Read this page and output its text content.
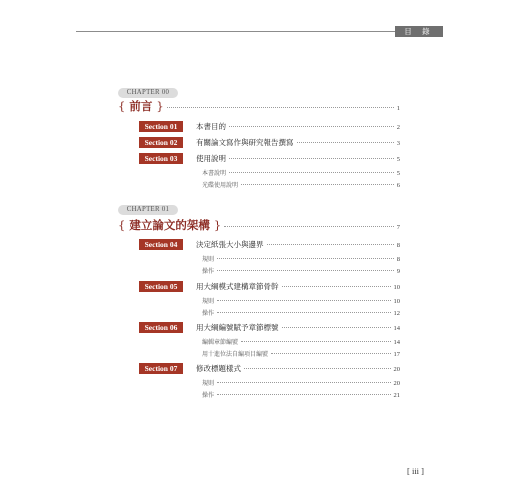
目 錄
CHAPTER 00
{ 前言 }	1
Section 01	本書目的	2
Section 02	有關論文寫作與研究報告撰寫	3
Section 03	使用說明	5
本書說明	5
光碟使用說明	6
CHAPTER 01
{ 建立論文的架構 }	7
Section 04	決定紙張大小與邊界	8
規則	8
操作	9
Section 05	用大綱模式建構章節骨幹	10
規則	10
操作	12
Section 06	用大綱編號賦予章節標號	14
編輯章節編號	14
用十進位法自編項目編號	17
Section 07	修改標題樣式	20
規則	20
操作	21
[ iii ]
